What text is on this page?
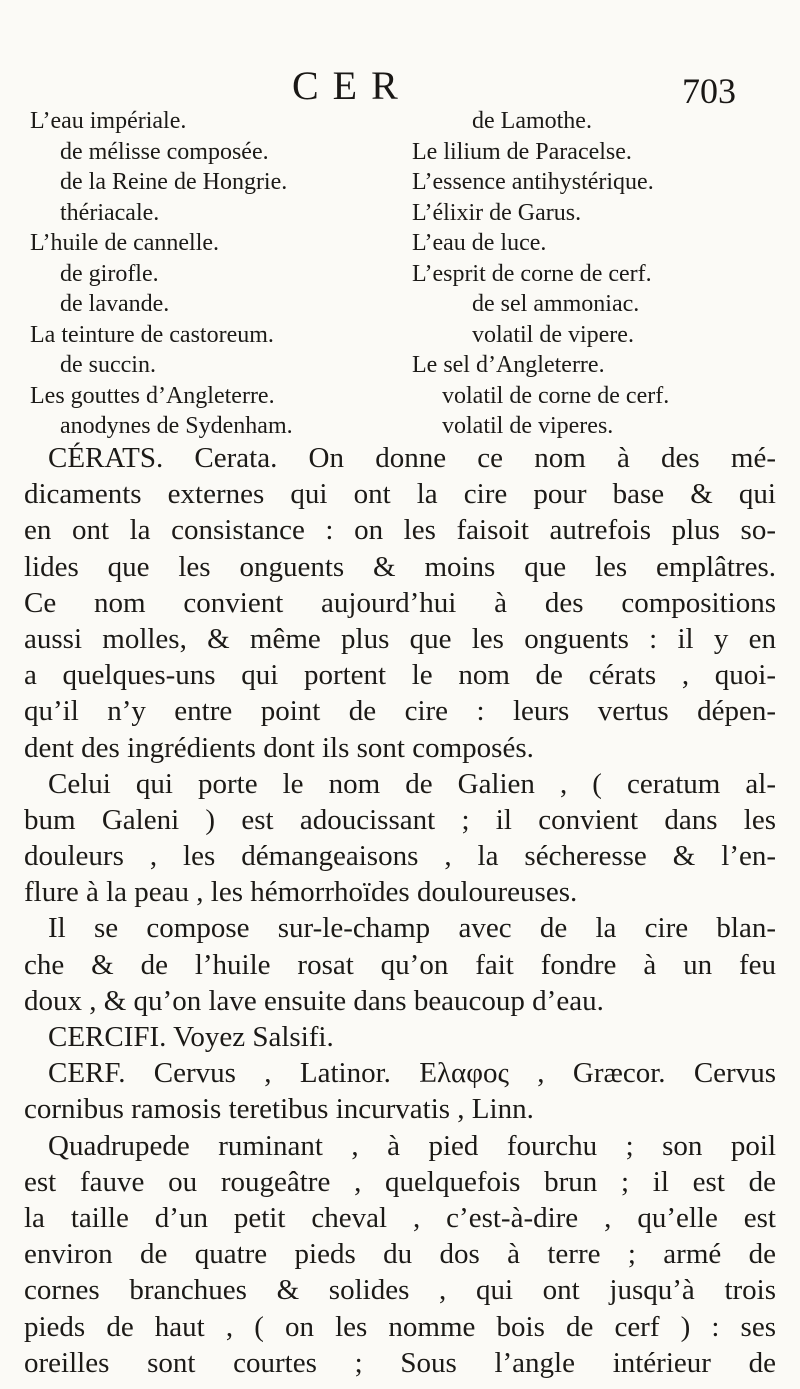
CER	703
L’eau impériale.
de mélisse composée.
de la Reine de Hongrie.
thériacale.
L’huile de cannelle.
de girofle.
de lavande.
La teinture de castoreum.
de succin.
Les gouttes d’Angleterre.
anodynes de Sydenham.
de Lamothe.
Le lilium de Paracelse.
L’essence antihystérique.
L’élixir de Garus.
L’eau de luce.
L’esprit de corne de cerf.
de sel ammoniac.
volatil de vipere.
Le sel d’Angleterre.
volatil de corne de cerf.
volatil de viperes.
CÉRATS. Cerata. On donne ce nom à des mé-
dicaments externes qui ont la cire pour base & qui
en ont la consistance : on les faisoit autrefois plus so-
lides que les onguents & moins que les emplâtres.
Ce nom convient aujourd’hui à des compositions
aussi molles, & même plus que les onguents : il y en
a quelques-uns qui portent le nom de cérats , quoi-
qu’il n’y entre point de cire : leurs vertus dépen-
dent des ingrédients dont ils sont composés.
Celui qui porte le nom de Galien , ( ceratum al-
bum Galeni ) est adoucissant ; il convient dans les
douleurs , les démangeaisons , la sécheresse & l’en-
flure à la peau , les hémorrhoïdes douloureuses.
Il se compose sur-le-champ avec de la cire blan-
che & de l’huile rosat qu’on fait fondre à un feu
doux , & qu’on lave ensuite dans beaucoup d’eau.
CERCIFI. Voyez Salsifi.
CERF. Cervus , Latinor. Ελαφος , Græcor. Cervus
cornibus ramosis teretibus incurvatis , Linn.
Quadrupede ruminant , à pied fourchu ; son poil
est fauve ou rougeâtre , quelquefois brun ; il est de
la taille d’un petit cheval , c’est-à-dire , qu’elle est
environ de quatre pieds du dos à terre ; armé de
cornes branchues & solides , qui ont jusqu’à trois
pieds de haut , ( on les nomme bois de cerf ) : ses
oreilles sont courtes ; Sous l’angle intérieur de
